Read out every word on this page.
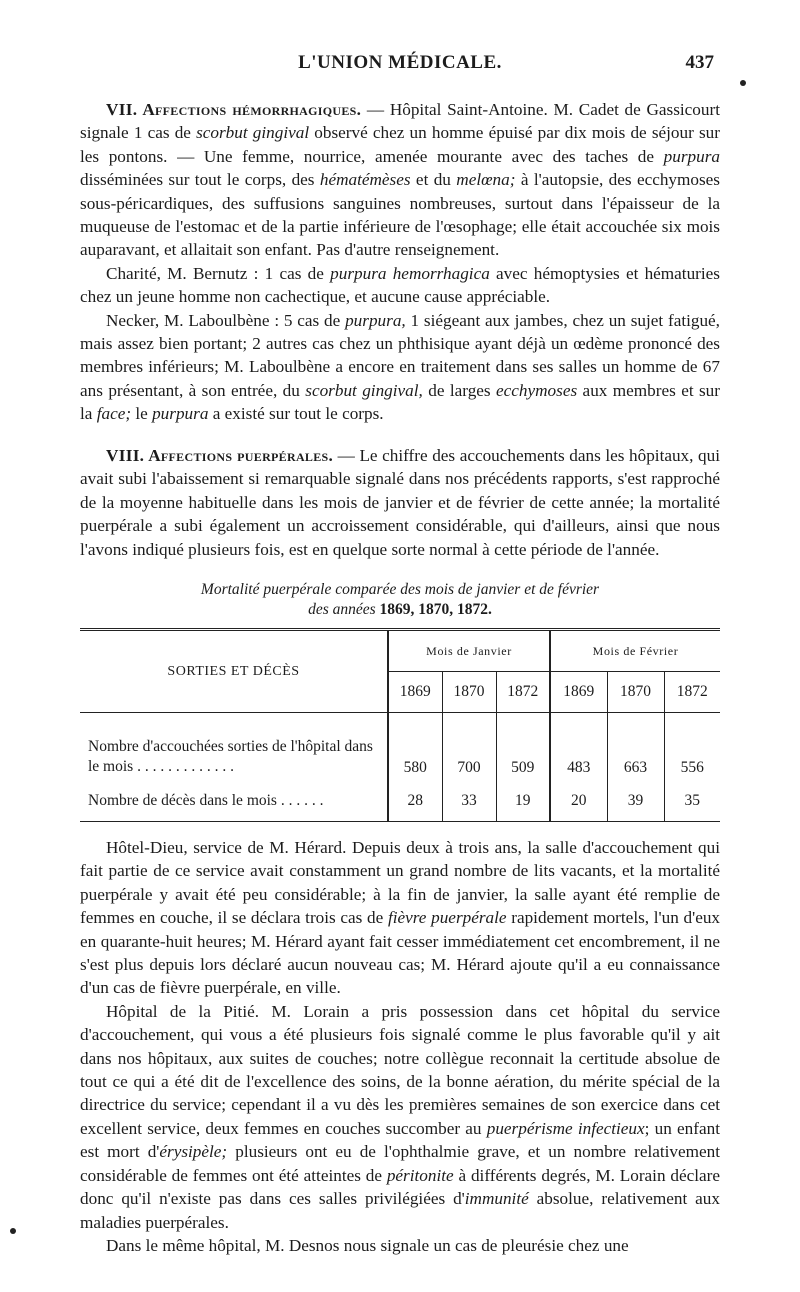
L'UNION MÉDICALE.	437

VII. Affections hémorrhagiques. — Hôpital Saint-Antoine. M. Cadet de Gassicourt signale 1 cas de scorbut gingival observé chez un homme épuisé par dix mois de séjour sur les pontons. — Une femme, nourrice, amenée mourante avec des taches de purpura disséminées sur tout le corps, des hématémèses et du melœna; à l'autopsie, des ecchymoses sous-péricardiques, des suffusions sanguines nombreuses, surtout dans l'épaisseur de la muqueuse de l'estomac et de la partie inférieure de l'œsophage; elle était accouchée six mois auparavant, et allaitait son enfant. Pas d'autre renseignement.

Charité, M. Bernutz : 1 cas de purpura hemorrhagica avec hémoptysies et hématuries chez un jeune homme non cachectique, et aucune cause appréciable.

Necker, M. Laboulbène : 5 cas de purpura, 1 siégeant aux jambes, chez un sujet fatigué, mais assez bien portant; 2 autres cas chez un phthisique ayant déjà un œdème prononcé des membres inférieurs; M. Laboulbène a encore en traitement dans ses salles un homme de 67 ans présentant, à son entrée, du scorbut gingival, de larges ecchymoses aux membres et sur la face; le purpura a existé sur tout le corps.

VIII. Affections puerpérales. — Le chiffre des accouchements dans les hôpitaux, qui avait subi l'abaissement si remarquable signalé dans nos précédents rapports, s'est rapproché de la moyenne habituelle dans les mois de janvier et de février de cette année; la mortalité puerpérale a subi également un accroissement considérable, qui d'ailleurs, ainsi que nous l'avons indiqué plusieurs fois, est en quelque sorte normal à cette période de l'année.

Mortalité puerpérale comparée des mois de janvier et de février
des années 1869, 1870, 1872.
SORTIES ET DÉCÈS	Mois de Janvier			Mois de Février		
	1869	1870	1872	1869	1870	1872
Nombre d'accouchées sorties de l'hôpital dans le mois . . . . . . . . . . . . .	580	700	509	483	663	556
Nombre de décès dans le mois . . . . . .	28	33	19	20	39	35

Hôtel-Dieu, service de M. Hérard. Depuis deux à trois ans, la salle d'accouchement qui fait partie de ce service avait constamment un grand nombre de lits vacants, et la mortalité puerpérale y avait été peu considérable; à la fin de janvier, la salle ayant été remplie de femmes en couche, il se déclara trois cas de fièvre puerpérale rapidement mortels, l'un d'eux en quarante-huit heures; M. Hérard ayant fait cesser immédiatement cet encombrement, il ne s'est plus depuis lors déclaré aucun nouveau cas; M. Hérard ajoute qu'il a eu connaissance d'un cas de fièvre puerpérale, en ville.

Hôpital de la Pitié. M. Lorain a pris possession dans cet hôpital du service d'accouchement, qui vous a été plusieurs fois signalé comme le plus favorable qu'il y ait dans nos hôpitaux, aux suites de couches; notre collègue reconnait la certitude absolue de tout ce qui a été dit de l'excellence des soins, de la bonne aération, du mérite spécial de la directrice du service; cependant il a vu dès les premières semaines de son exercice dans cet excellent service, deux femmes en couches succomber au puerpérisme infectieux; un enfant est mort d'érysipèle; plusieurs ont eu de l'ophthalmie grave, et un nombre relativement considérable de femmes ont été atteintes de péritonite à différents degrés, M. Lorain déclare donc qu'il n'existe pas dans ces salles privilégiées d'immunité absolue, relativement aux maladies puerpérales.

Dans le même hôpital, M. Desnos nous signale un cas de pleurésie chez une
